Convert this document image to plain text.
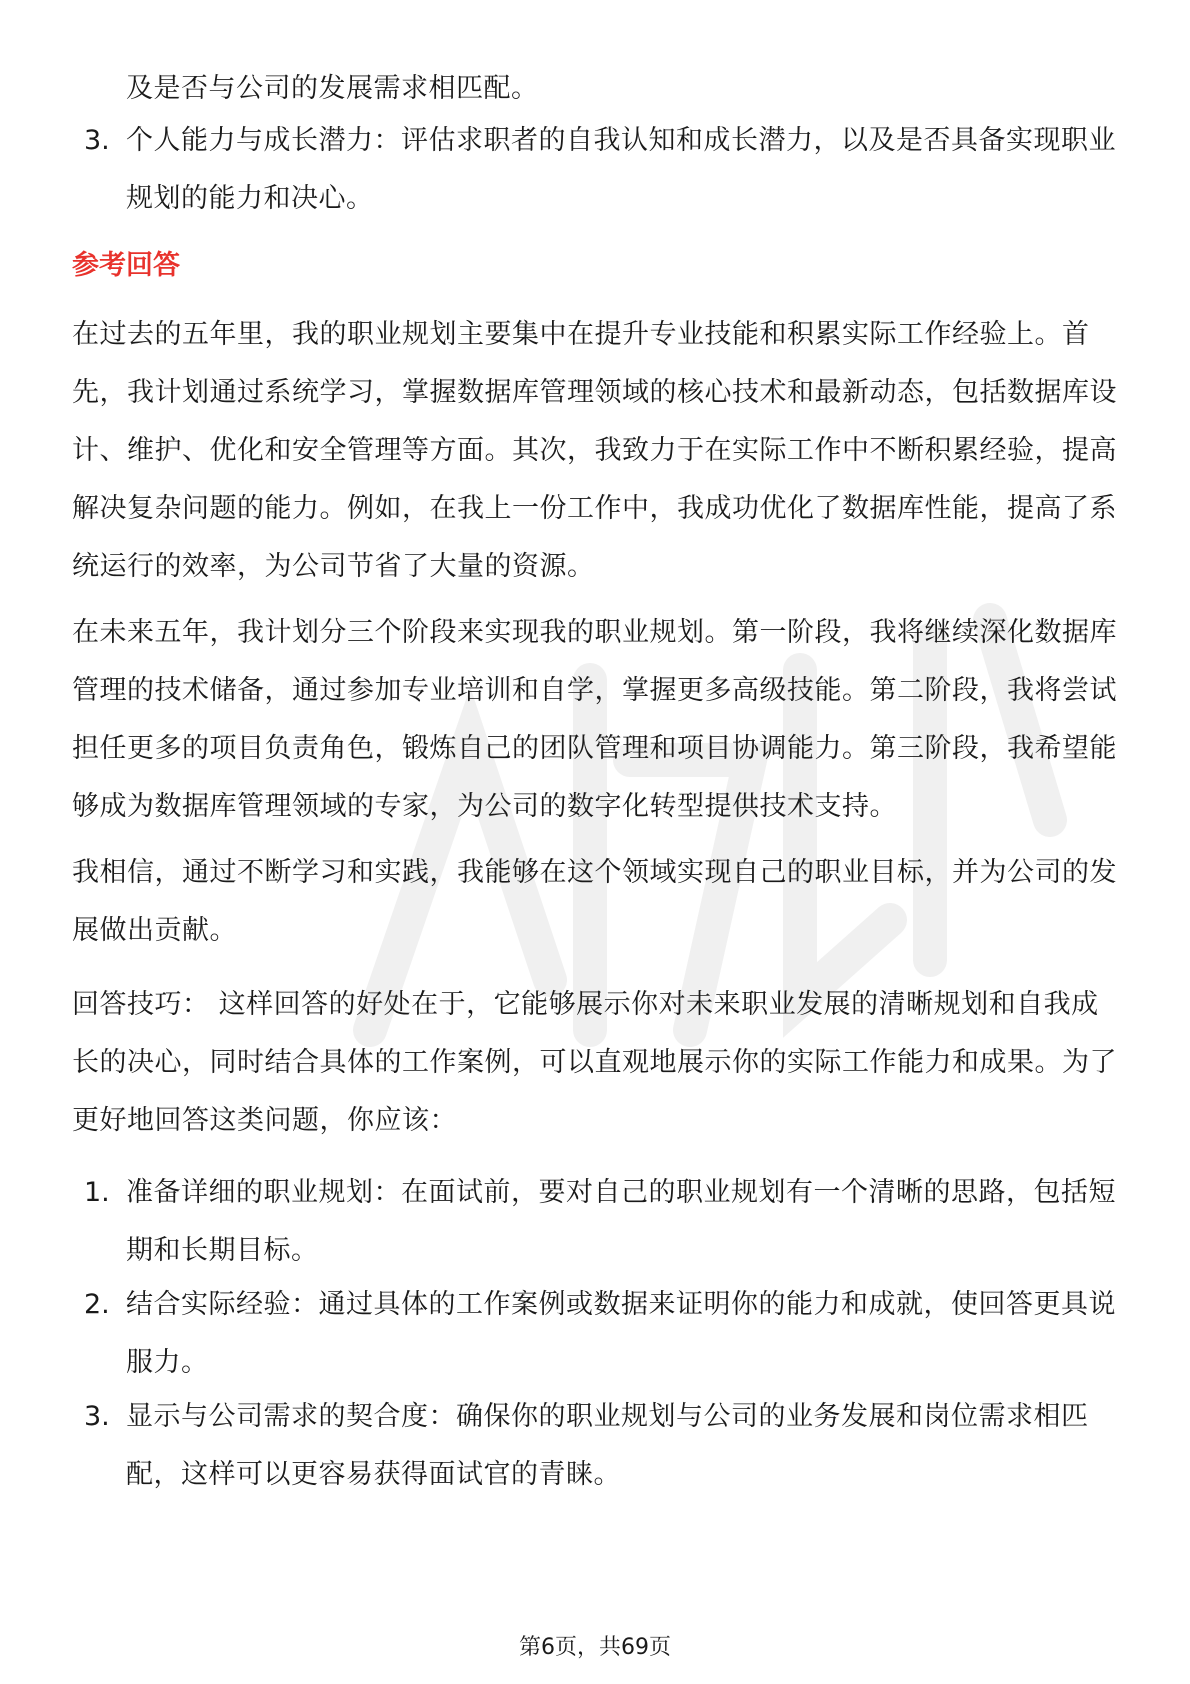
及是否与公司的发展需求相匹配。
3. 个人能力与成长潜力：评估求职者的自我认知和成长潜力，以及是否具备实现职业规划的能力和决心。
参考回答
在过去的五年里，我的职业规划主要集中在提升专业技能和积累实际工作经验上。首先，我计划通过系统学习，掌握数据库管理领域的核心技术和最新动态，包括数据库设计、维护、优化和安全管理等方面。其次，我致力于在实际工作中不断积累经验，提高解决复杂问题的能力。例如，在我上一份工作中，我成功优化了数据库性能，提高了系统运行的效率，为公司节省了大量的资源。
在未来五年，我计划分三个阶段来实现我的职业规划。第一阶段，我将继续深化数据库管理的技术储备，通过参加专业培训和自学，掌握更多高级技能。第二阶段，我将尝试担任更多的项目负责角色，锻炼自己的团队管理和项目协调能力。第三阶段，我希望能够成为数据库管理领域的专家，为公司的数字化转型提供技术支持。
我相信，通过不断学习和实践，我能够在这个领域实现自己的职业目标，并为公司的发展做出贡献。
回答技巧： 这样回答的好处在于，它能够展示你对未来职业发展的清晰规划和自我成长的决心，同时结合具体的工作案例，可以直观地展示你的实际工作能力和成果。为了更好地回答这类问题，你应该：
1. 准备详细的职业规划：在面试前，要对自己的职业规划有一个清晰的思路，包括短期和长期目标。
2. 结合实际经验：通过具体的工作案例或数据来证明你的能力和成就，使回答更具说服力。
3. 显示与公司需求的契合度：确保你的职业规划与公司的业务发展和岗位需求相匹配，这样可以更容易获得面试官的青睐。
第6页，共69页
